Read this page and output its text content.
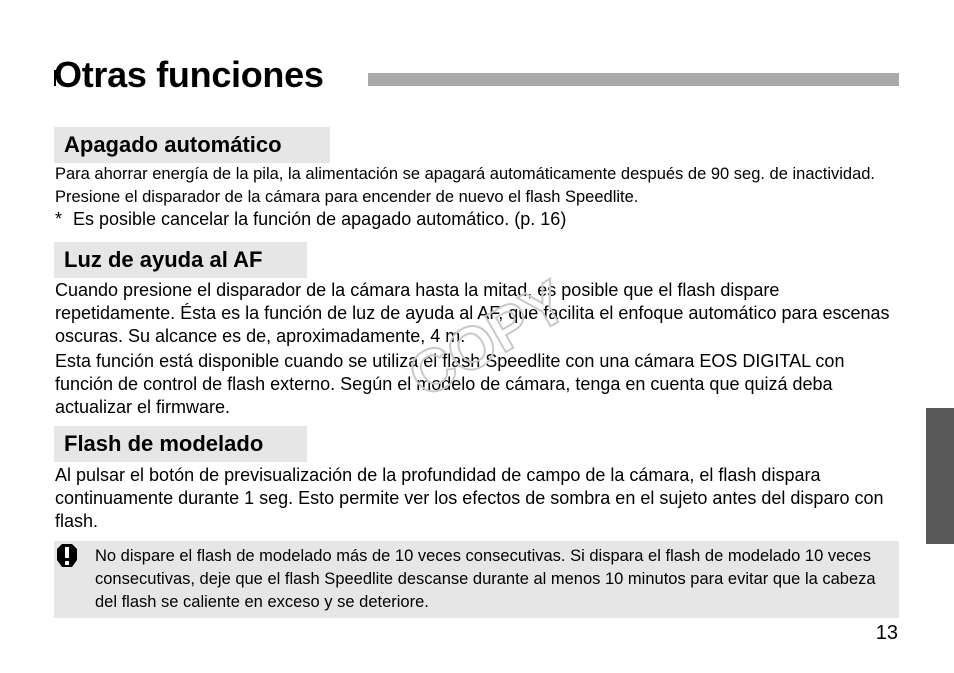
Otras funciones
Apagado automático
Para ahorrar energía de la pila, la alimentación se apagará automáticamente después de 90 seg. de inactividad. Presione el disparador de la cámara para encender de nuevo el flash Speedlite.
* Es posible cancelar la función de apagado automático. (p. 16)
Luz de ayuda al AF
Cuando presione el disparador de la cámara hasta la mitad, es posible que el flash dispare repetidamente. Ésta es la función de luz de ayuda al AF, que facilita el enfoque automático para escenas oscuras. Su alcance es de, aproximadamente, 4 m.
Esta función está disponible cuando se utiliza el flash Speedlite con una cámara EOS DIGITAL con función de control de flash externo. Según el modelo de cámara, tenga en cuenta que quizá deba actualizar el firmware.
Flash de modelado
Al pulsar el botón de previsualización de la profundidad de campo de la cámara, el flash dispara continuamente durante 1 seg. Esto permite ver los efectos de sombra en el sujeto antes del disparo con flash.
No dispare el flash de modelado más de 10 veces consecutivas. Si dispara el flash de modelado 10 veces consecutivas, deje que el flash Speedlite descanse durante al menos 10 minutos para evitar que la cabeza del flash se caliente en exceso y se deteriore.
13
COPY
